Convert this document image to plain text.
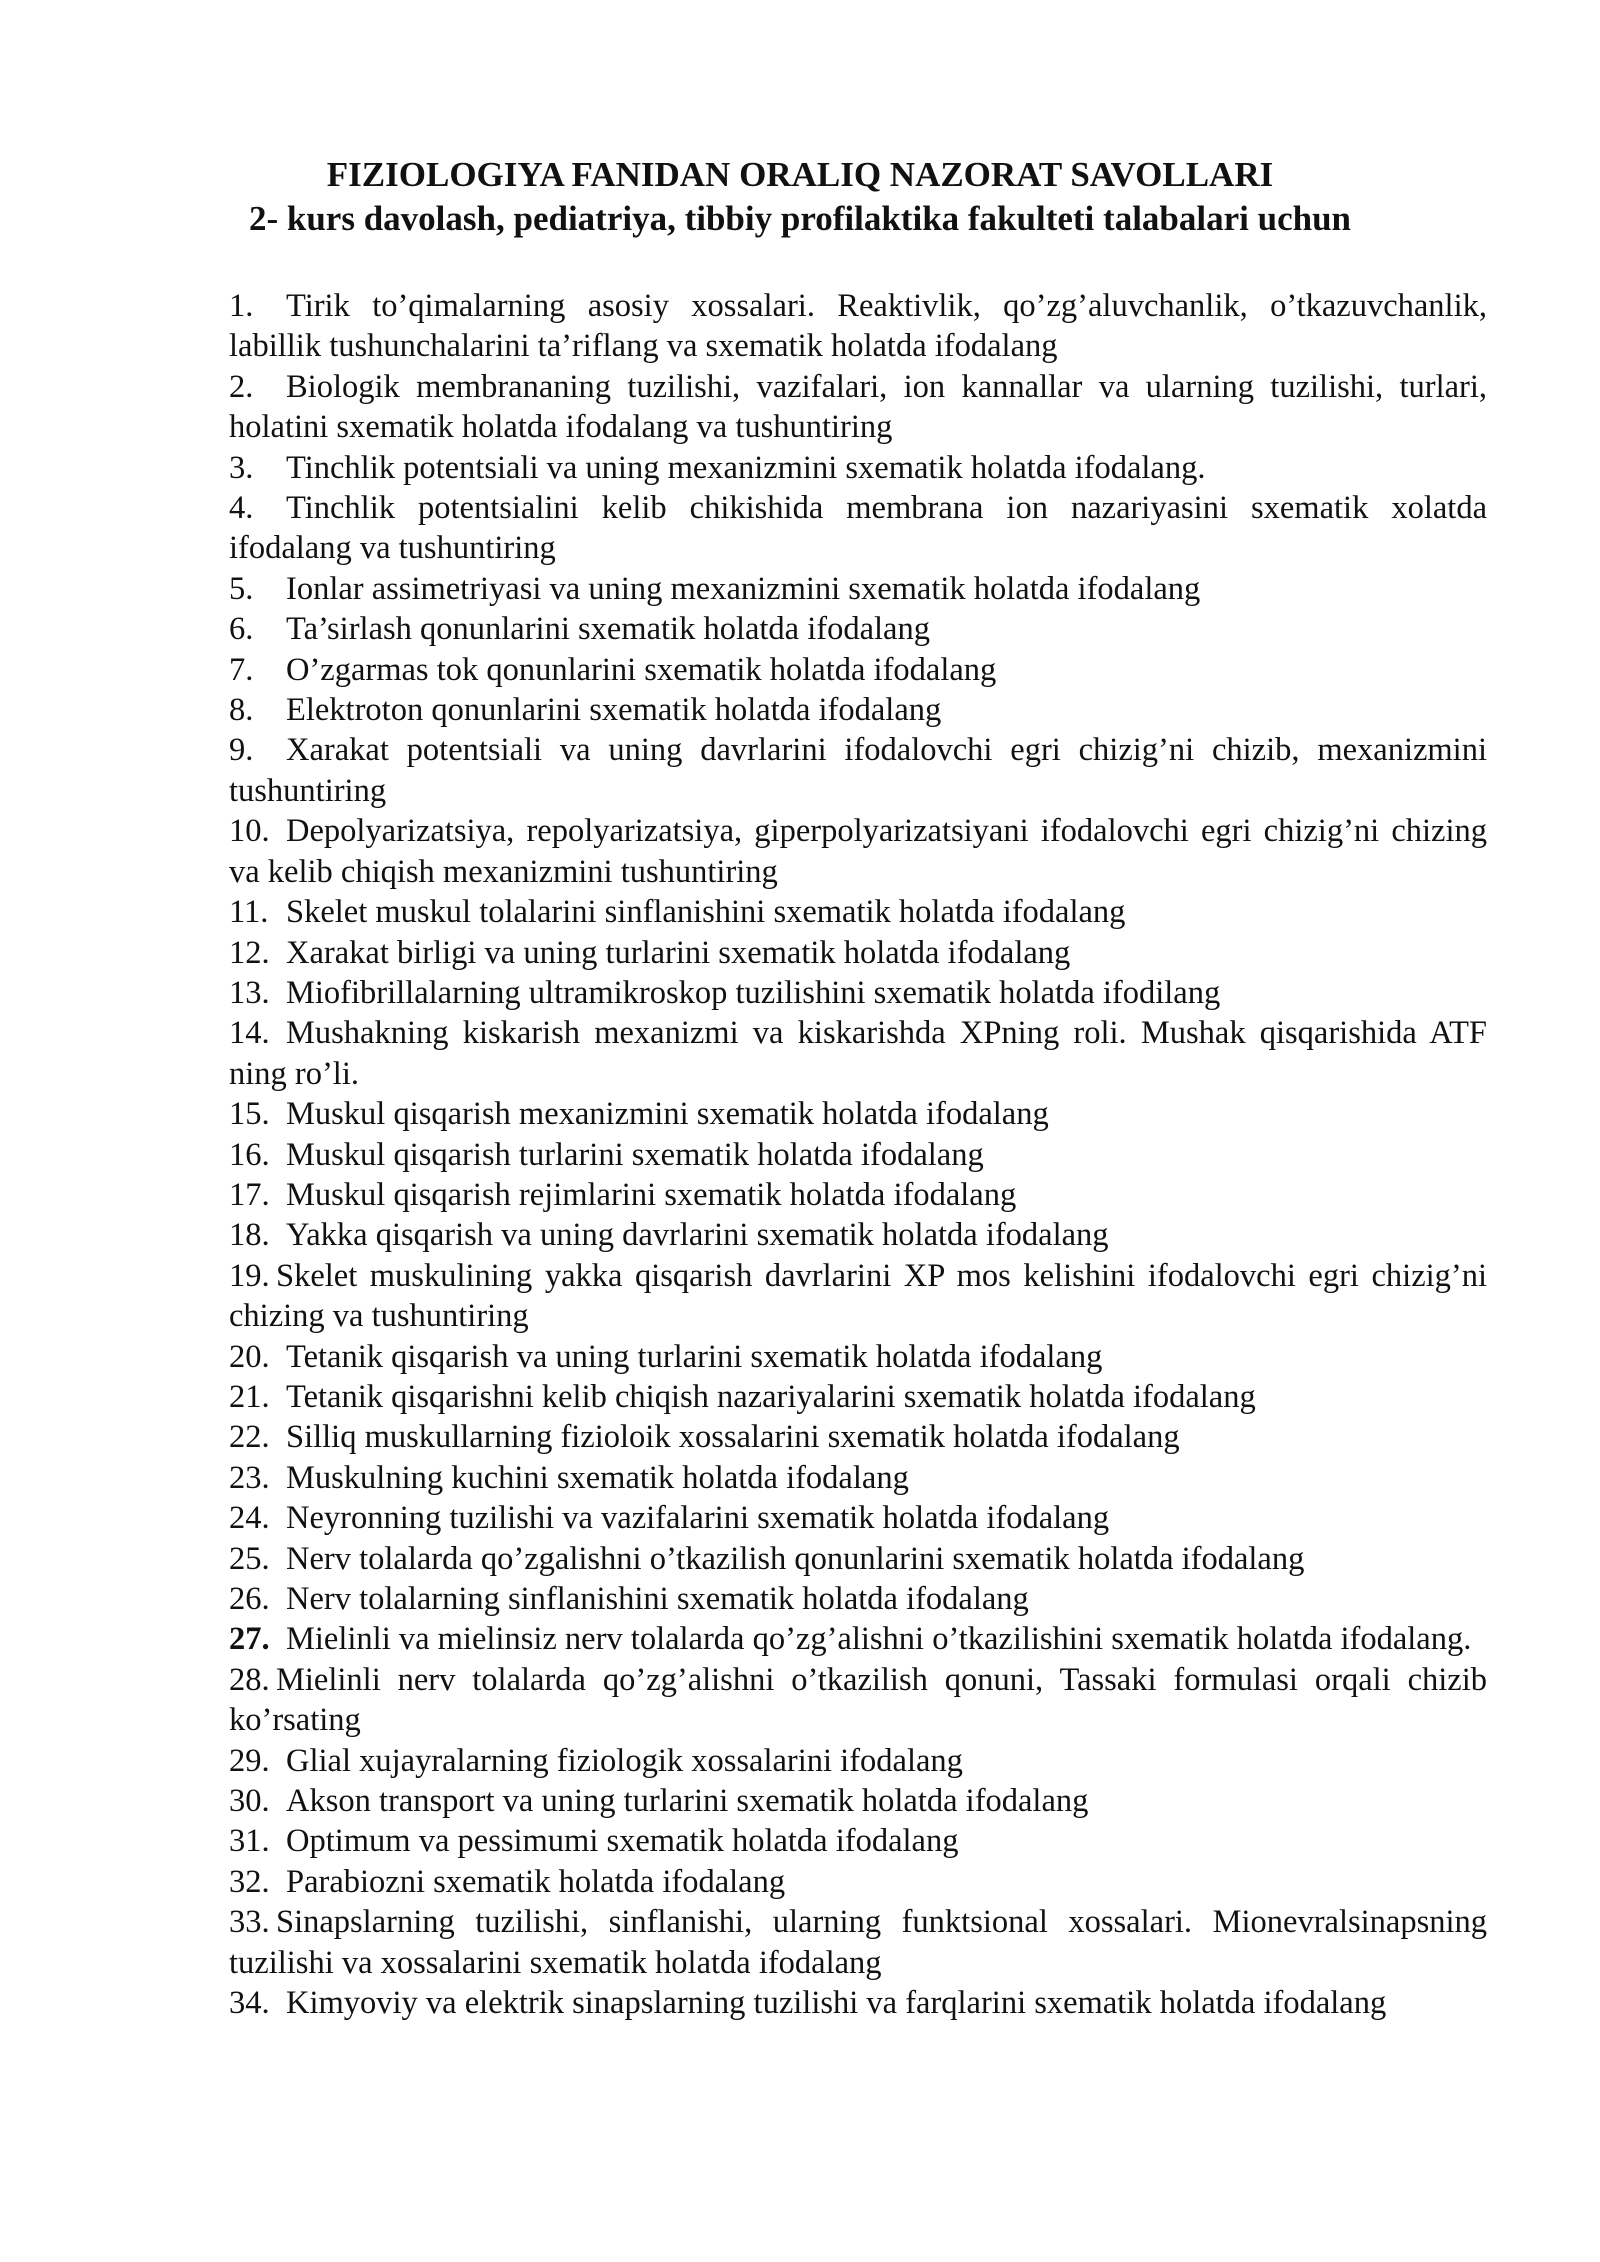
FIZIOLOGIYA FANIDAN ORALIQ NAZORAT SAVOLLARI
2- kurs davolash, pediatriya, tibbiy profilaktika fakulteti talabalari uchun
1. Tirik to’qimalarning asosiy xossalari. Reaktivlik, qo’zg’aluvchanlik, o’tkazuvchanlik, labillik tushunchalarini ta’riflang va sxematik holatda ifodalang
2. Biologik membrananing tuzilishi, vazifalari, ion kannallar va ularning tuzilishi, turlari, holatini sxematik holatda ifodalang va tushuntiring
3. Tinchlik potentsiali va uning mexanizmini sxematik holatda ifodalang.
4. Tinchlik potentsialini kelib chikishida membrana ion nazariyasini sxematik xolatda ifodalang va tushuntiring
5. Ionlar assimetriyasi va uning mexanizmini sxematik holatda ifodalang
6. Ta’sirlash qonunlarini sxematik holatda ifodalang
7. O’zgarmas tok qonunlarini sxematik holatda ifodalang
8. Elektroton qonunlarini sxematik holatda ifodalang
9. Xarakat potentsiali va uning davrlarini ifodalovchi egri chizig’ni chizib, mexanizmini tushuntiring
10. Depolyarizatsiya, repolyarizatsiya, giperpolyarizatsiyani ifodalovchi egri chizig’ni chizing va kelib chiqish mexanizmini tushuntiring
11. Skelet muskul tolalarini sinflanishini sxematik holatda ifodalang
12. Xarakat birligi va uning turlarini sxematik holatda ifodalang
13. Miofibrillalarning ultramikroskop tuzilishini sxematik holatda ifodilang
14. Mushakning kiskarish mexanizmi va kiskarishda XPning roli. Mushak qisqarishida ATF ning ro’li.
15. Muskul qisqarish mexanizmini sxematik holatda ifodalang
16. Muskul qisqarish turlarini sxematik holatda ifodalang
17. Muskul qisqarish rejimlarini sxematik holatda ifodalang
18. Yakka qisqarish va uning davrlarini sxematik holatda ifodalang
19. Skelet muskulining yakka qisqarish davrlarini XP mos kelishini ifodalovchi egri chizig’ni chizing va tushuntiring
20. Tetanik qisqarish va uning turlarini sxematik holatda ifodalang
21. Tetanik qisqarishni kelib chiqish nazariyalarini sxematik holatda ifodalang
22. Silliq muskullarning fizioloik xossalarini sxematik holatda ifodalang
23. Muskulning kuchini sxematik holatda ifodalang
24. Neyronning tuzilishi va vazifalarini sxematik holatda ifodalang
25. Nerv tolalarda qo’zgalishni o’tkazilish qonunlarini sxematik holatda ifodalang
26. Nerv tolalarning sinflanishini sxematik holatda ifodalang
27. Mielinli va mielinsiz nerv tolalarda qo’zg’alishni o’tkazilishini sxematik holatda ifodalang.
28. Mielinli nerv tolalarda qo’zg’alishni o’tkazilish qonuni, Tassaki formulasi orqali chizib ko’rsating
29. Glial xujayralarning fiziologik xossalarini ifodalang
30. Akson transport va uning turlarini sxematik holatda ifodalang
31. Optimum va pessimumi sxematik holatda ifodalang
32. Parabiozni sxematik holatda ifodalang
33. Sinapslarning tuzilishi, sinflanishi, ularning funktsional xossalari. Mionevralsinapsning tuzilishi va xossalarini sxematik holatda ifodalang
34. Kimyoviy va elektrik sinapslarning tuzilishi va farqlarini sxematik holatda ifodalang
